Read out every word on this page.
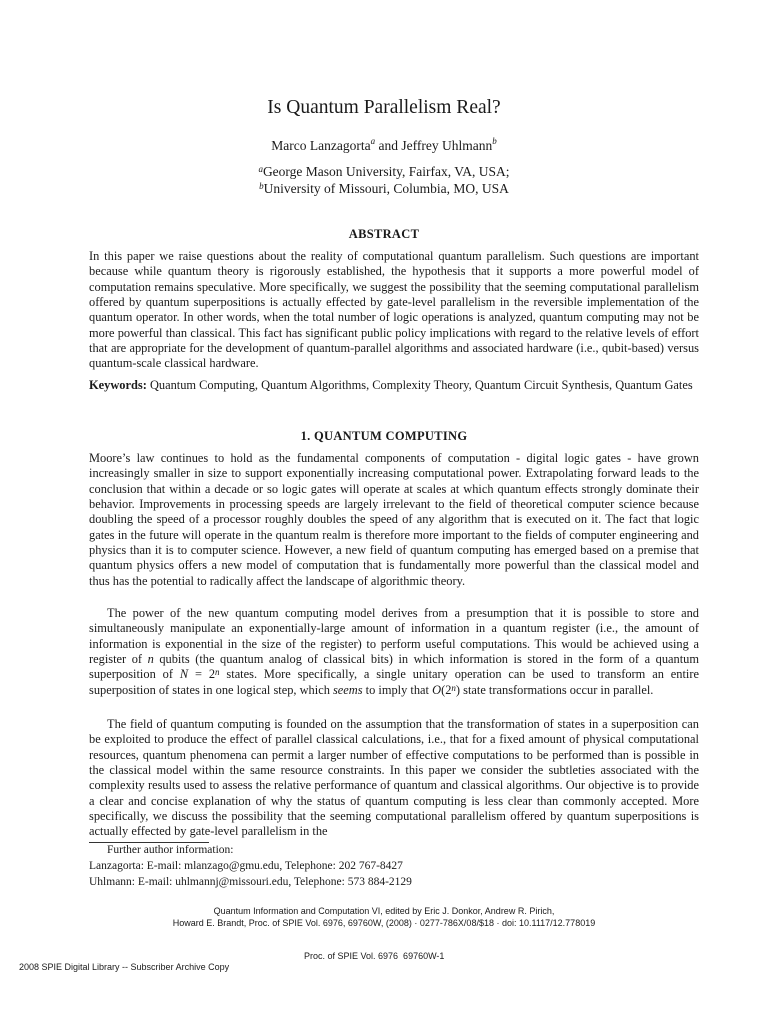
Is Quantum Parallelism Real?
Marco Lanzagorta$^a$ and Jeffrey Uhlmann$^b$
$^a$George Mason University, Fairfax, VA, USA;
$^b$University of Missouri, Columbia, MO, USA
ABSTRACT
In this paper we raise questions about the reality of computational quantum parallelism. Such questions are important because while quantum theory is rigorously established, the hypothesis that it supports a more powerful model of computation remains speculative. More specifically, we suggest the possibility that the seeming computational parallelism offered by quantum superpositions is actually effected by gate-level parallelism in the reversible implementation of the quantum operator. In other words, when the total number of logic operations is analyzed, quantum computing may not be more powerful than classical. This fact has significant public policy implications with regard to the relative levels of effort that are appropriate for the development of quantum-parallel algorithms and associated hardware (i.e., qubit-based) versus quantum-scale classical hardware.
Keywords: Quantum Computing, Quantum Algorithms, Complexity Theory, Quantum Circuit Synthesis, Quantum Gates
1. QUANTUM COMPUTING
Moore’s law continues to hold as the fundamental components of computation - digital logic gates - have grown increasingly smaller in size to support exponentially increasing computational power. Extrapolating forward leads to the conclusion that within a decade or so logic gates will operate at scales at which quantum effects strongly dominate their behavior. Improvements in processing speeds are largely irrelevant to the field of theoretical computer science because doubling the speed of a processor roughly doubles the speed of any algorithm that is executed on it. The fact that logic gates in the future will operate in the quantum realm is therefore more important to the fields of computer engineering and physics than it is to computer science. However, a new field of quantum computing has emerged based on a premise that quantum physics offers a new model of computation that is fundamentally more powerful than the classical model and thus has the potential to radically affect the landscape of algorithmic theory.
The power of the new quantum computing model derives from a presumption that it is possible to store and simultaneously manipulate an exponentially-large amount of information in a quantum register (i.e., the amount of information is exponential in the size of the register) to perform useful computations. This would be achieved using a register of n qubits (the quantum analog of classical bits) in which information is stored in the form of a quantum superposition of $N = 2^n$ states. More specifically, a single unitary operation can be used to transform an entire superposition of states in one logical step, which seems to imply that O(2$^n$) state transformations occur in parallel.
The field of quantum computing is founded on the assumption that the transformation of states in a superposition can be exploited to produce the effect of parallel classical calculations, i.e., that for a fixed amount of physical computational resources, quantum phenomena can permit a larger number of effective computations to be performed than is possible in the classical model within the same resource constraints. In this paper we consider the subtleties associated with the complexity results used to assess the relative performance of quantum and classical algorithms. Our objective is to provide a clear and concise explanation of why the status of quantum computing is less clear than commonly accepted. More specifically, we discuss the possibility that the seeming computational parallelism offered by quantum superpositions is actually effected by gate-level parallelism in the
Further author information:
Lanzagorta: E-mail: mlanzago@gmu.edu, Telephone: 202 767-8427
Uhlmann: E-mail: uhlmannj@missouri.edu, Telephone: 573 884-2129
Quantum Information and Computation VI, edited by Eric J. Donkor, Andrew R. Pirich,
Howard E. Brandt, Proc. of SPIE Vol. 6976, 69760W, (2008) · 0277-786X/08/$18 · doi: 10.1117/12.778019
Proc. of SPIE Vol. 6976  69760W-1
2008 SPIE Digital Library -- Subscriber Archive Copy
